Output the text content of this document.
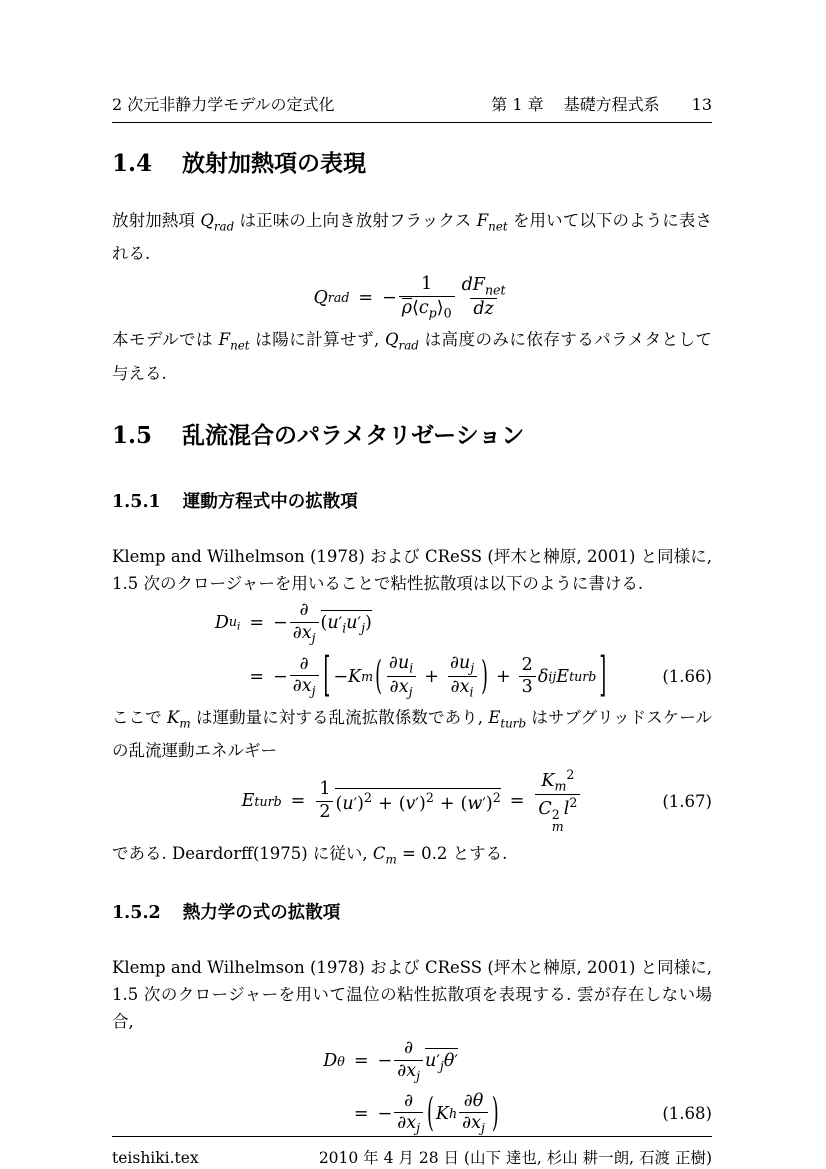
2 次元非静力学モデルの定式化	第 1 章 基礎方程式系 13
1.4 放射加熱項の表現

放射加熱項 $Q_{rad}$ は正味の上向き放射フラックス $F_{net}$ を用いて以下のように表される.

Q rad = − $\frac{1}{\rho⟨c_p⟩_0} \frac{dF_{net}}{dz}$

本モデルでは $F_{net}$ は陽に計算せず, $Q_{rad}$ は高度のみに依存するパラメタとして与える.

1.5 乱流混合のパラメタリゼーション
1.5.1 運動方程式中の拡散項

Klemp and Wilhelmson (1978) および CReSS (坪木と榊原, 2001) と同様に, 1.5 次のクロージャーを用いることで粘性拡散項は以下のように書ける.

D $u_i$ = − $\frac{\partial}{\partial x_j} (u'_iu'_j)$
= − $\frac{\partial}{\partial x_j}$ [ − K m ( $\frac{\partial u_i}{\partial x_j} + \frac{\partial u_j}{\partial x_i}$ ) + $\frac{2}{3}$ δ ij E turb ]	(1.66)

ここで $K_m$ は運動量に対する乱流拡散係数であり, $E_{turb}$ はサブグリッドスケールの乱流運動エネルギー

E turb = $\frac{1}{2} (u')^2 + (v')^2 + (w')^2 = K_m^2$
C 2
m
$l^2$	(1.67)

である. Deardorff(1975) に従い, $C_m = 0.2$ とする.

1.5.2 熱力学の式の拡散項

Klemp and Wilhelmson (1978) および CReSS (坪木と榊原, 2001) と同様に, 1.5 次のクロージャーを用いて温位の粘性拡散項を表現する. 雲が存在しない場合,

D θ = − $\frac{\partial}{\partial x_j} u'_j\theta'$
= − $\frac{\partial}{\partial x_j}$ ( K h $\frac{\partial\theta}{\partial x_j}$ )	(1.68)
teishiki.tex	2010 年 4 月 28 日 (山下 達也, 杉山 耕一朗, 石渡 正樹)
